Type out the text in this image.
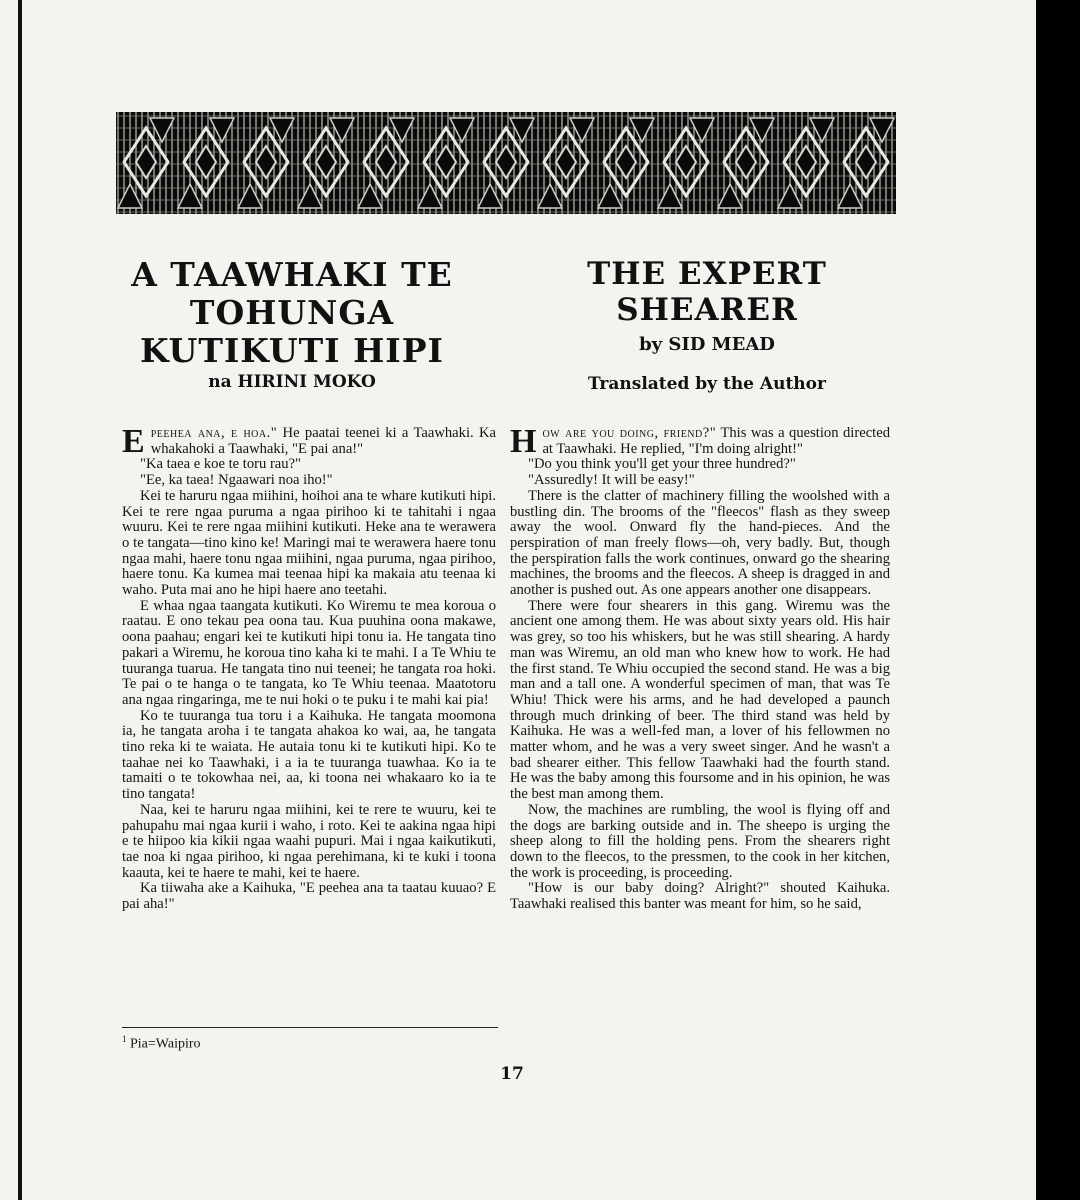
A TAAWHAKI TE TOHUNGA KUTIKUTI HIPI
na HIRINI MOKO
THE EXPERT SHEARER
by SID MEAD
Translated by the Author

Epeehea ana, e hoa." He paatai teenei ki a Taawhaki. Ka whakahoki a Taawhaki, "E pai ana!"

"Ka taea e koe te toru rau?"

"Ee, ka taea! Ngaawari noa iho!"

Kei te haruru ngaa miihini, hoihoi ana te whare kutikuti hipi. Kei te rere ngaa puruma a ngaa pirihoo ki te tahitahi i ngaa wuuru. Kei te rere ngaa miihini kutikuti. Heke ana te werawera o te tangata—tino kino ke! Maringi mai te werawera haere tonu ngaa mahi, haere tonu ngaa miihini, ngaa puruma, ngaa pirihoo, haere tonu. Ka kumea mai teenaa hipi ka makaia atu teenaa ki waho. Puta mai ano he hipi haere ano teetahi.

E whaa ngaa taangata kutikuti. Ko Wiremu te mea koroua o raatau. E ono tekau pea oona tau. Kua puuhina oona makawe, oona paahau; engari kei te kutikuti hipi tonu ia. He tangata tino pakari a Wiremu, he koroua tino kaha ki te mahi. I a Te Whiu te tuuranga tuarua. He tangata tino nui teenei; he tangata roa hoki. Te pai o te hanga o te tangata, ko Te Whiu teenaa. Maatotoru ana ngaa ringaringa, me te nui hoki o te puku i te mahi kai pia!

Ko te tuuranga tua toru i a Kaihuka. He tangata moomona ia, he tangata aroha i te tangata ahakoa ko wai, aa, he tangata tino reka ki te waiata. He autaia tonu ki te kutikuti hipi. Ko te taahae nei ko Taawhaki, i a ia te tuuranga tuawhaa. Ko ia te tamaiti o te tokowhaa nei, aa, ki toona nei whakaaro ko ia te tino tangata!

Naa, kei te haruru ngaa miihini, kei te rere te wuuru, kei te pahupahu mai ngaa kurii i waho, i roto. Kei te aakina ngaa hipi e te hiipoo kia kikii ngaa waahi pupuri. Mai i ngaa kaikutikuti, tae noa ki ngaa pirihoo, ki ngaa perehimana, ki te kuki i toona kaauta, kei te haere te mahi, kei te haere.

Ka tiiwaha ake a Kaihuka, "E peehea ana ta taatau kuuao? E pai aha!"

$^1$ Pia=Waipiro

How are you doing, friend?" This was a question directed at Taawhaki. He replied, "I'm doing alright!"

"Do you think you'll get your three hundred?"

"Assuredly! It will be easy!"

There is the clatter of machinery filling the woolshed with a bustling din. The brooms of the "fleecos" flash as they sweep away the wool. Onward fly the hand-pieces. And the perspiration of man freely flows—oh, very badly. But, though the perspiration falls the work continues, onward go the shearing machines, the brooms and the fleecos. A sheep is dragged in and another is pushed out. As one appears another one disappears.

There were four shearers in this gang. Wiremu was the ancient one among them. He was about sixty years old. His hair was grey, so too his whiskers, but he was still shearing. A hardy man was Wiremu, an old man who knew how to work. He had the first stand. Te Whiu occupied the second stand. He was a big man and a tall one. A wonderful specimen of man, that was Te Whiu! Thick were his arms, and he had developed a paunch through much drinking of beer. The third stand was held by Kaihuka. He was a well-fed man, a lover of his fellowmen no matter whom, and he was a very sweet singer. And he wasn't a bad shearer either. This fellow Taawhaki had the fourth stand. He was the baby among this foursome and in his opinion, he was the best man among them.

Now, the machines are rumbling, the wool is flying off and the dogs are barking outside and in. The sheepo is urging the sheep along to fill the holding pens. From the shearers right down to the fleecos, to the pressmen, to the cook in her kitchen, the work is proceeding, is proceeding.

"How is our baby doing? Alright?" shouted Kaihuka. Taawhaki realised this banter was meant for him, so he said,

17
